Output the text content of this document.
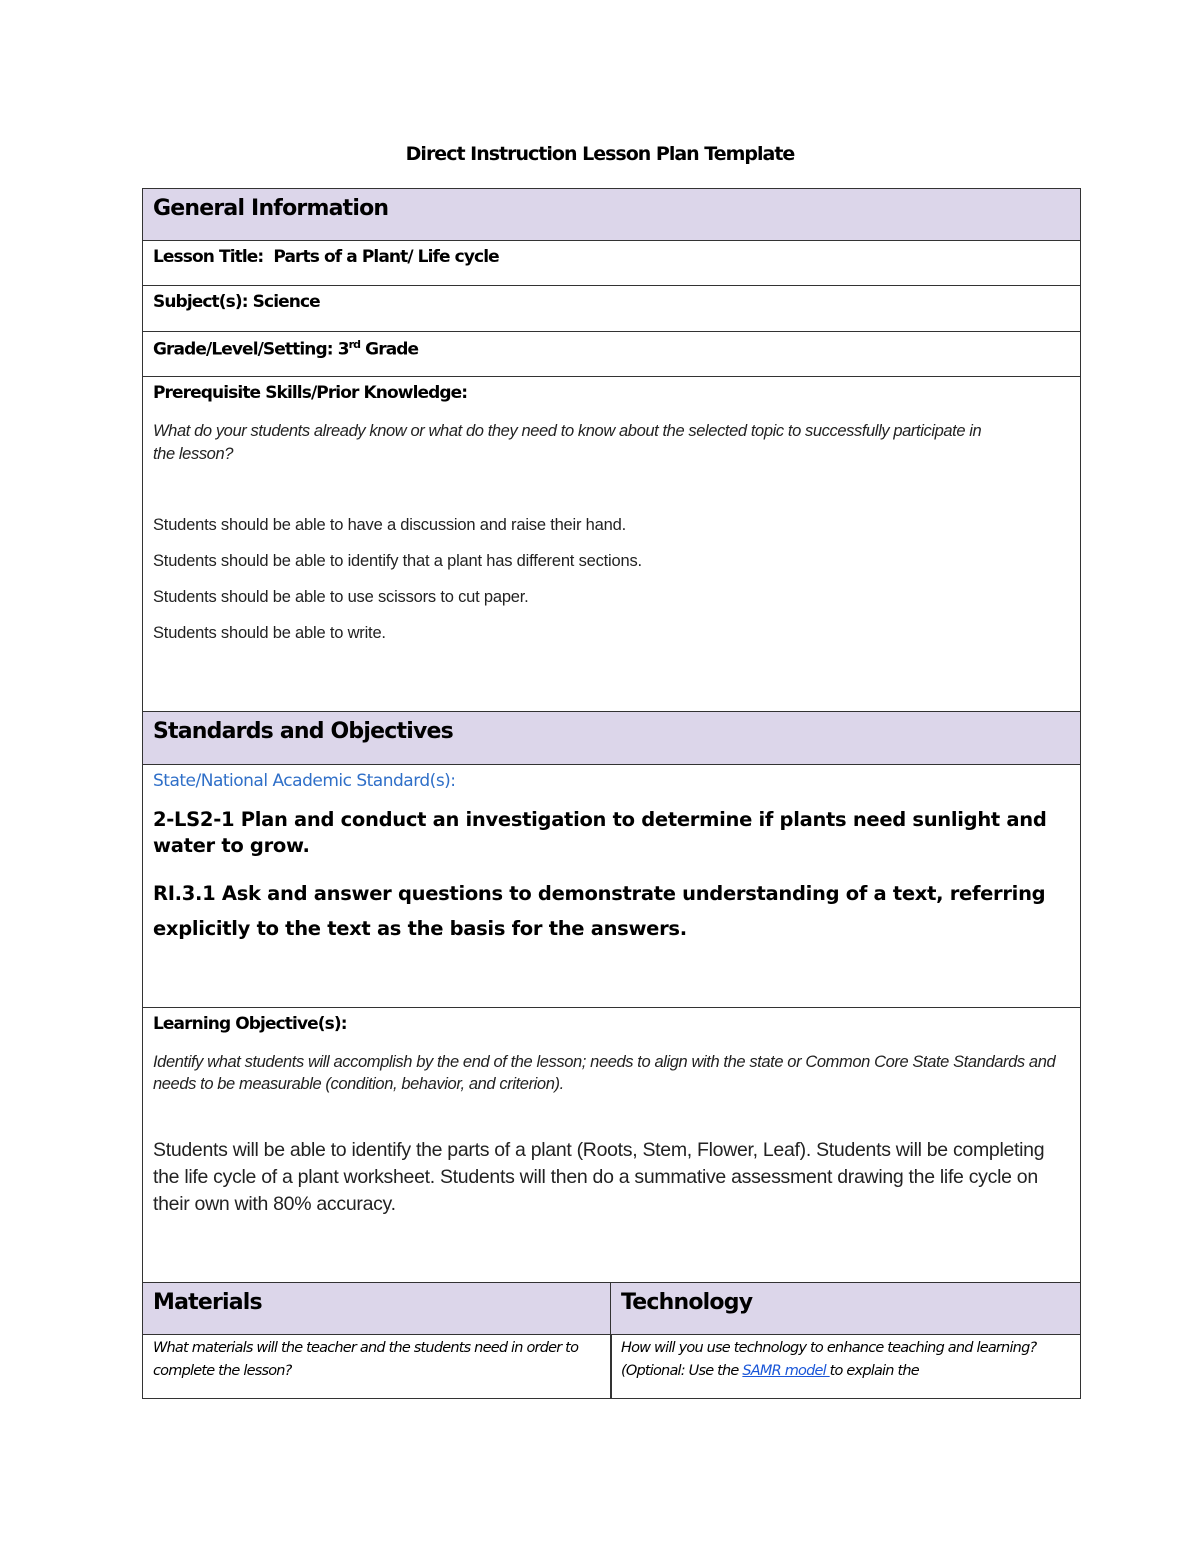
Direct Instruction Lesson Plan Template
General Information
Lesson Title: Parts of a Plant/ Life cycle
Subject(s): Science
Grade/Level/Setting: 3rd Grade
Prerequisite Skills/Prior Knowledge:
What do your students already know or what do they need to know about the selected topic to successfully participate in the lesson?

Students should be able to have a discussion and raise their hand.

Students should be able to identify that a plant has different sections.

Students should be able to use scissors to cut paper.

Students should be able to write.

Standards and Objectives
State/National Academic Standard(s):
2-LS2-1 Plan and conduct an investigation to determine if plants need sunlight and water to grow.
RI.3.1 Ask and answer questions to demonstrate understanding of a text, referring explicitly to the text as the basis for the answers.
Learning Objective(s):
Identify what students will accomplish by the end of the lesson; needs to align with the state or Common Core State Standards and needs to be measurable (condition, behavior, and criterion).
Students will be able to identify the parts of a plant (Roots, Stem, Flower, Leaf). Students will be completing the life cycle of a plant worksheet. Students will then do a summative assessment drawing the life cycle on their own with 80% accuracy.
Materials	Technology
What materials will the teacher and the students need in order to complete the lesson?
How will you use technology to enhance teaching and learning? (Optional: Use the SAMR model to explain the
